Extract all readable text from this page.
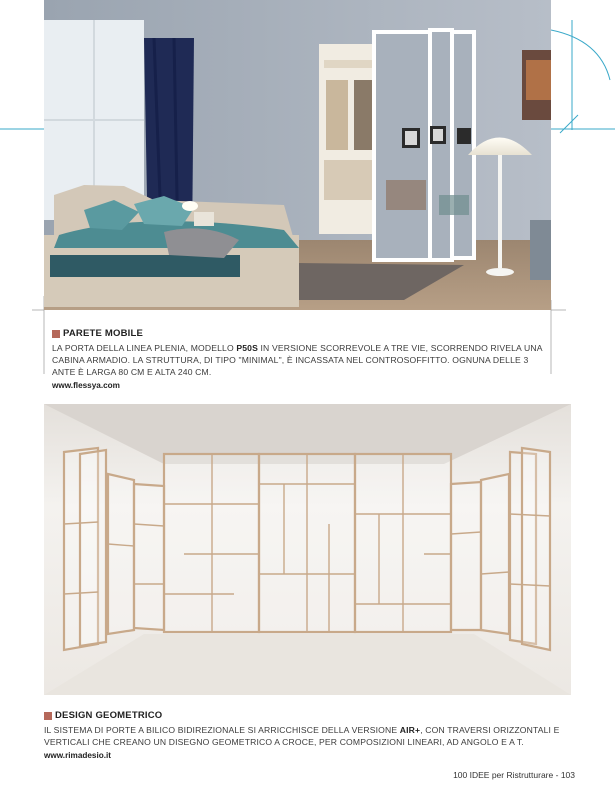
PARETE MOBILE
LA PORTA DELLA LINEA PLENIA, MODELLO P50S IN VERSIONE SCORREVOLE A TRE VIE, SCORRENDO RIVELA UNA CABINA ARMADIO. LA STRUTTURA, DI TIPO "MINIMAL", È INCASSATA NEL CONTROSOFFITTO. OGNUNA DELLE 3 ANTE È LARGA 80 CM E ALTA 240 CM.
www.flessya.com
DESIGN GEOMETRICO
IL SISTEMA DI PORTE A BILICO BIDIREZIONALE SI ARRICCHISCE DELLA VERSIONE AIR+, CON TRAVERSI ORIZZONTALI E VERTICALI CHE CREANO UN DISEGNO GEOMETRICO A CROCE, PER COMPOSIZIONI LINEARI, AD ANGOLO E A T.
www.rimadesio.it
100 IDEE per Ristrutturare - 103
